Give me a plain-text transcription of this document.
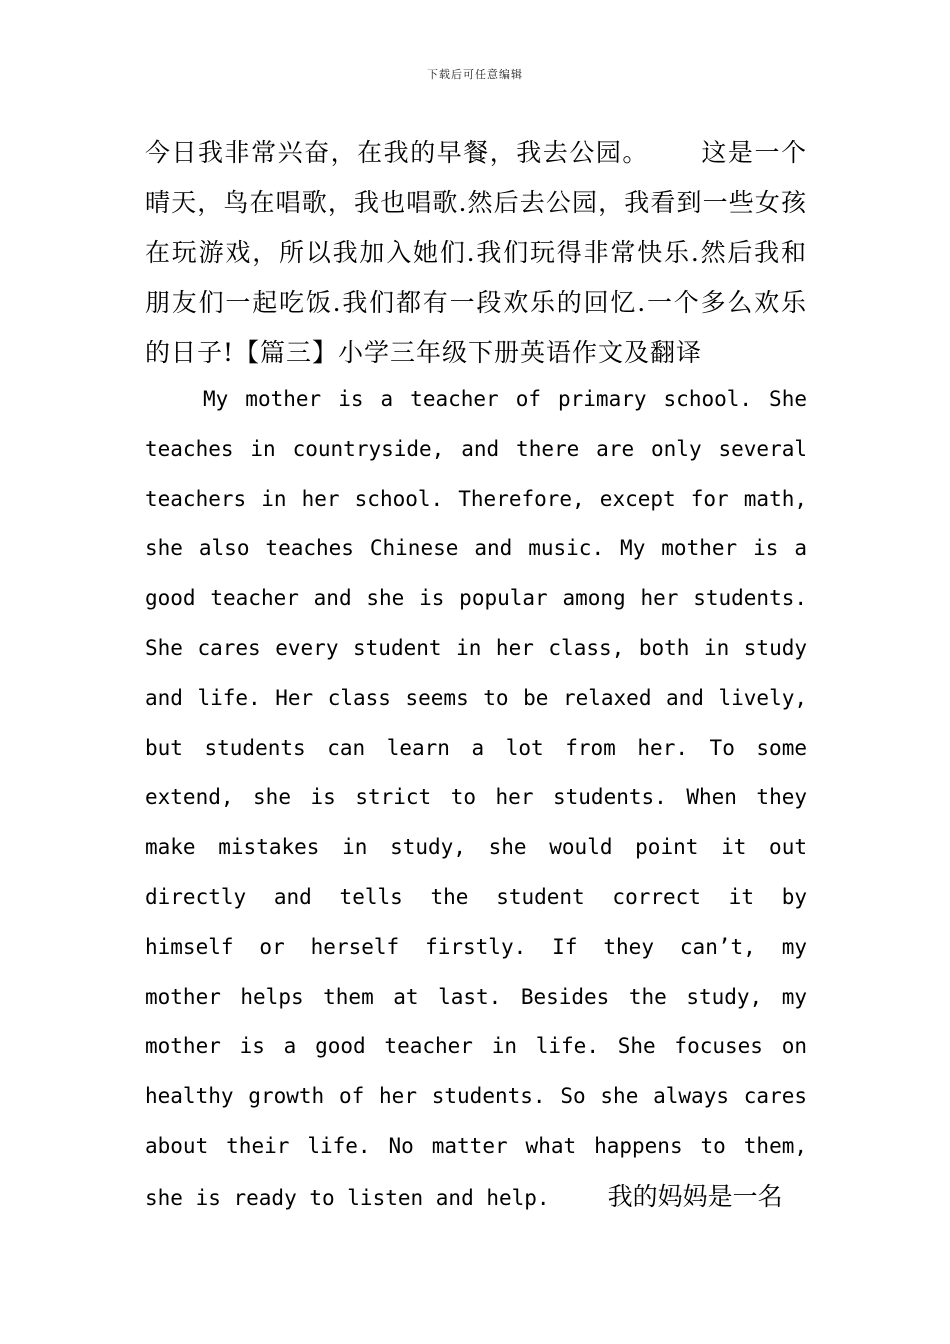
下载后可任意编辑
今日我非常兴奋，在我的早餐，我去公园。 这是一个
晴天，鸟在唱歌，我也唱歌.然后去公园，我看到一些女孩
在玩游戏，所以我加入她们.我们玩得非常快乐.然后我和
朋友们一起吃饭.我们都有一段欢乐的回忆.一个多么欢乐
的日子!【篇三】小学三年级下册英语作文及翻译
My mother is a teacher of primary school. She
teaches in countryside, and there are only several
teachers in her school. Therefore, except for math,
she also teaches Chinese and music. My mother is a
good teacher and she is popular among her students.
She cares every student in her class, both in study
and life. Her class seems to be relaxed and lively,
but students can learn a lot from her. To some
extend, she is strict to her students. When they
make mistakes in study, she would point it out
directly and tells the student correct it by
himself or herself firstly. If they can’t, my
mother helps them at last. Besides the study, my
mother is a good teacher in life. She focuses on
healthy growth of her students. So she always cares
about their life. No matter what happens to them,
she is ready to listen and help. 我的妈妈是一名
